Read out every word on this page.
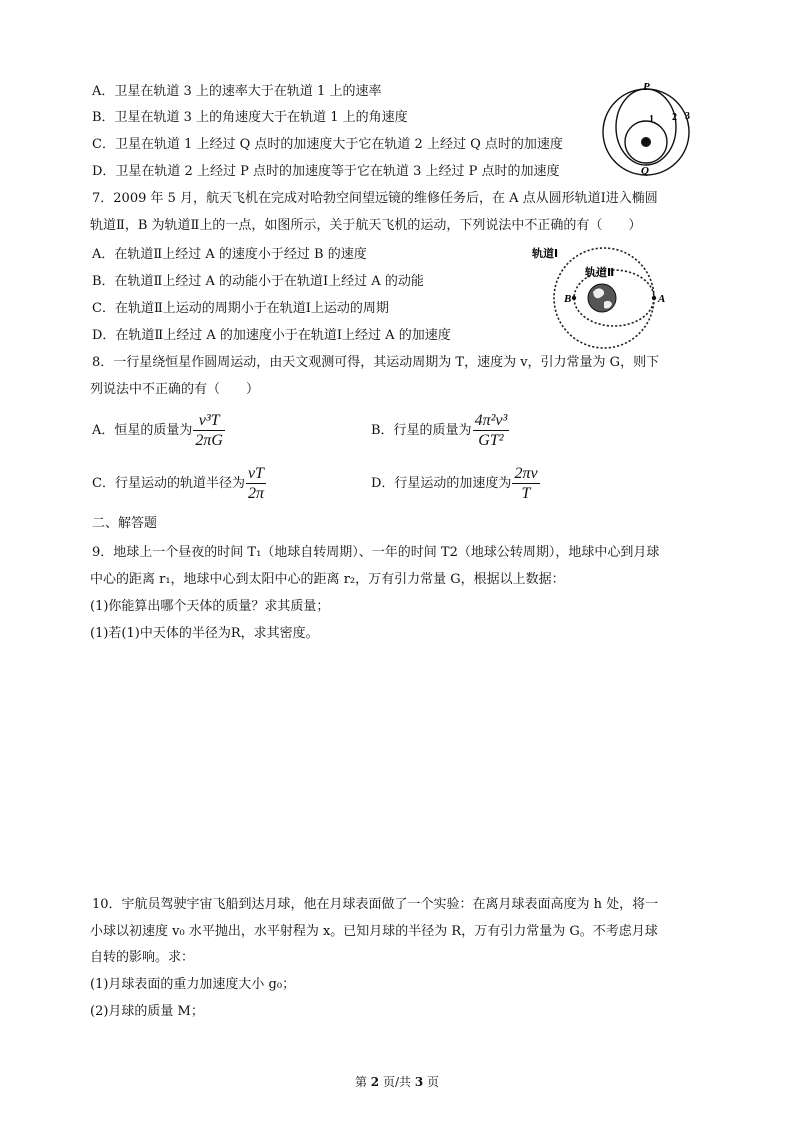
A．卫星在轨道 3 上的速率大于在轨道 1 上的速率
B．卫星在轨道 3 上的角速度大于在轨道 1 上的角速度
C．卫星在轨道 1 上经过 Q 点时的加速度大于它在轨道 2 上经过 Q 点时的加速度
D．卫星在轨道 2 上经过 P 点时的加速度等于它在轨道 3 上经过 P 点时的加速度
P
1 2 3
Q
7．2009 年 5 月，航天飞机在完成对哈勃空间望远镜的维修任务后，在 A 点从圆形轨道Ⅰ进入椭圆
轨道Ⅱ，B 为轨道Ⅱ上的一点，如图所示，关于航天飞机的运动，下列说法中不正确的有（　　）
A．在轨道Ⅱ上经过 A 的速度小于经过 B 的速度
B．在轨道Ⅱ上经过 A 的动能小于在轨道Ⅰ上经过 A 的动能
C．在轨道Ⅱ上运动的周期小于在轨道Ⅰ上运动的周期
D．在轨道Ⅱ上经过 A 的加速度小于在轨道Ⅰ上经过 A 的加速度
轨道Ⅰ
轨道Ⅱ
B	A
8．一行星绕恒星作圆周运动，由天文观测可得，其运动周期为 T，速度为 v，引力常量为 G，则下
列说法中不正确的有（　　）
A．恒星的质量为 $\frac{\text{v³T}}{2\pi G}$	B．行星的质量为 $\frac{\text{4π²v³}}{\text{GT²}}$
C．行星运动的轨道半径为 $\frac{vT}{2\pi}$	D．行星运动的加速度为 $\frac{2\pi v}{T}$
二、解答题
9．地球上一个昼夜的时间 T₁（地球自转周期）、一年的时间 T2（地球公转周期），地球中心到月球
中心的距离 r₁，地球中心到太阳中心的距离 r₂，万有引力常量 G，根据以上数据：
(1)你能算出哪个天体的质量？求其质量；
(1)若(1)中天体的半径为R，求其密度。
10．宇航员驾驶宇宙飞船到达月球，他在月球表面做了一个实验：在离月球表面高度为 h 处，将一
小球以初速度 v₀ 水平抛出，水平射程为 x。已知月球的半径为 R，万有引力常量为 G。不考虑月球
自转的影响。求：
(1)月球表面的重力加速度大小 g₀；
(2)月球的质量 M；
第 2 页/共 3 页
